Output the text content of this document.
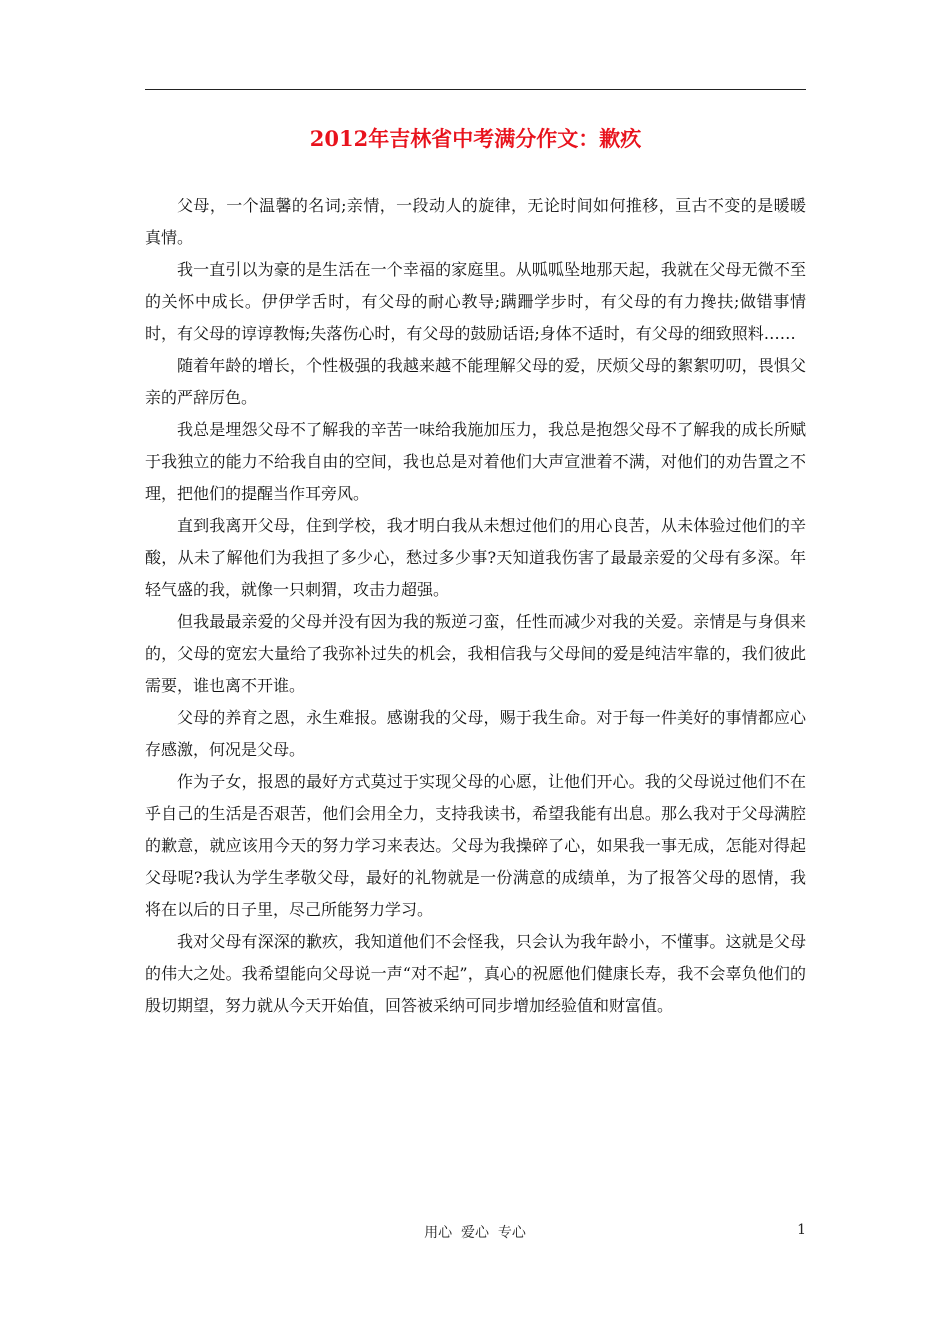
2012年吉林省中考满分作文：歉疚

父母，一个温馨的名词;亲情，一段动人的旋律，无论时间如何推移，亘古不变的是暖暖真情。

我一直引以为豪的是生活在一个幸福的家庭里。从呱呱坠地那天起，我就在父母无微不至的关怀中成长。伊伊学舌时，有父母的耐心教导;蹒跚学步时，有父母的有力搀扶;做错事情时，有父母的谆谆教悔;失落伤心时，有父母的鼓励话语;身体不适时，有父母的细致照料……

随着年龄的增长，个性极强的我越来越不能理解父母的爱，厌烦父母的絮絮叨叨，畏惧父亲的严辞厉色。

我总是埋怨父母不了解我的辛苦一味给我施加压力，我总是抱怨父母不了解我的成长所赋于我独立的能力不给我自由的空间，我也总是对着他们大声宣泄着不满，对他们的劝告置之不理，把他们的提醒当作耳旁风。

直到我离开父母，住到学校，我才明白我从未想过他们的用心良苦，从未体验过他们的辛酸，从未了解他们为我担了多少心，愁过多少事?天知道我伤害了最最亲爱的父母有多深。年轻气盛的我，就像一只刺猬，攻击力超强。

但我最最亲爱的父母并没有因为我的叛逆刁蛮，任性而减少对我的关爱。亲情是与身俱来的，父母的宽宏大量给了我弥补过失的机会，我相信我与父母间的爱是纯洁牢靠的，我们彼此需要，谁也离不开谁。

父母的养育之恩，永生难报。感谢我的父母，赐于我生命。对于每一件美好的事情都应心存感激，何况是父母。

作为子女，报恩的最好方式莫过于实现父母的心愿，让他们开心。我的父母说过他们不在乎自己的生活是否艰苦，他们会用全力，支持我读书，希望我能有出息。那么我对于父母满腔的歉意，就应该用今天的努力学习来表达。父母为我操碎了心，如果我一事无成，怎能对得起父母呢?我认为学生孝敬父母，最好的礼物就是一份满意的成绩单，为了报答父母的恩情，我将在以后的日子里，尽己所能努力学习。

我对父母有深深的歉疚，我知道他们不会怪我，只会认为我年龄小，不懂事。这就是父母的伟大之处。我希望能向父母说一声“对不起”，真心的祝愿他们健康长寿，我不会辜负他们的殷切期望，努力就从今天开始值，回答被采纳可同步增加经验值和财富值。

用心  爱心  专心	1
